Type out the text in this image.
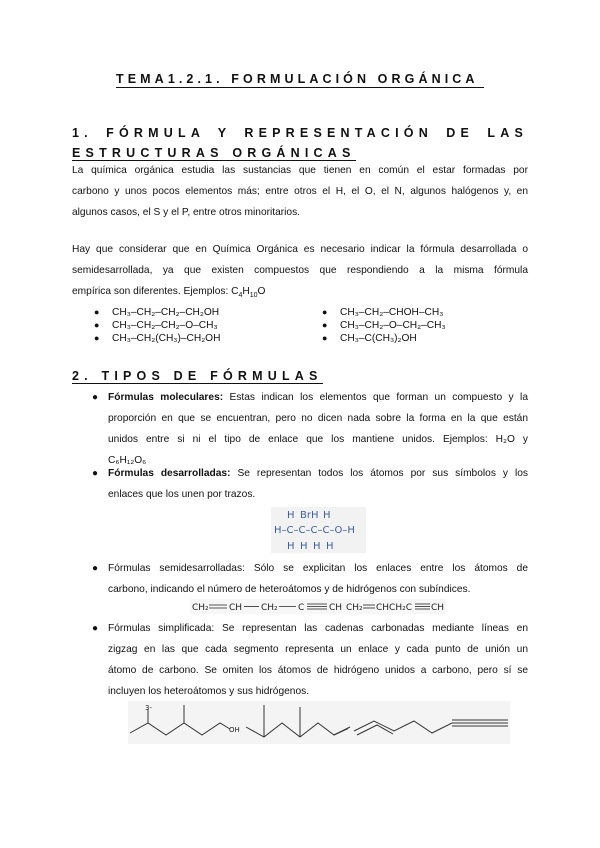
TEMA1.2.1. FORMULACIÓN ORGÁNICA
1. FÓRMULA Y REPRESENTACIÓN DE LAS
ESTRUCTURAS ORGÁNICAS
La química orgánica estudia las sustancias que tienen en común el estar formadas por
carbono y unos pocos elementos más; entre otros el H, el O, el N, algunos halógenos y, en
algunos casos, el S y el P, entre otros minoritarios.
Hay que considerar que en Química Orgánica es necesario indicar la fórmula desarrollada o
semidesarrollada, ya que existen compuestos que respondiendo a la misma fórmula
empírica son diferentes. Ejemplos: $C_4H_{10}O$
●	CH₃–CH₂–CH₂–CH₂OH
●	CH₃–CH₂–CH₂–O–CH₃
●	CH₃–CH₂(CH₃)–CH₂OH
●	CH₃–CH₂–CHOH–CH₃
●	CH₃–CH₂–O–CH₂–CH₃
●	CH₃–C(CH₃)₂OH
2. TIPOS DE FÓRMULAS
● Fórmulas moleculares: Estas indican los elementos que forman un compuesto y la
proporción en que se encuentran, pero no dicen nada sobre la forma en la que están
unidos entre si ni el tipo de enlace que los mantiene unidos. Ejemplos: H₂O y
C₆H₁₂O₆
● Fórmulas desarrolladas: Se representan todos los átomos por sus símbolos y los
enlaces que los unen por trazos.
H BrH H
H–C–C–C–C–O–H
H H H H
● Fórmulas semidesarrolladas: Sólo se explicitan los enlaces entre los átomos de
carbono, indicando el número de heteroátomos y de hidrógenos con subíndices.
CH₂ CH CH₂ C	CH CH₂ CHCH₂C CH
● Fórmulas simplificada: Se representan las cadenas carbonadas mediante líneas en
zigzag en las que cada segmento representa un enlace y cada punto de unión un
átomo de carbono. Se omiten los átomos de hidrógeno unidos a carbono, pero sí se
incluyen los heteroátomos y sus hidrógenos.
3-
OH
